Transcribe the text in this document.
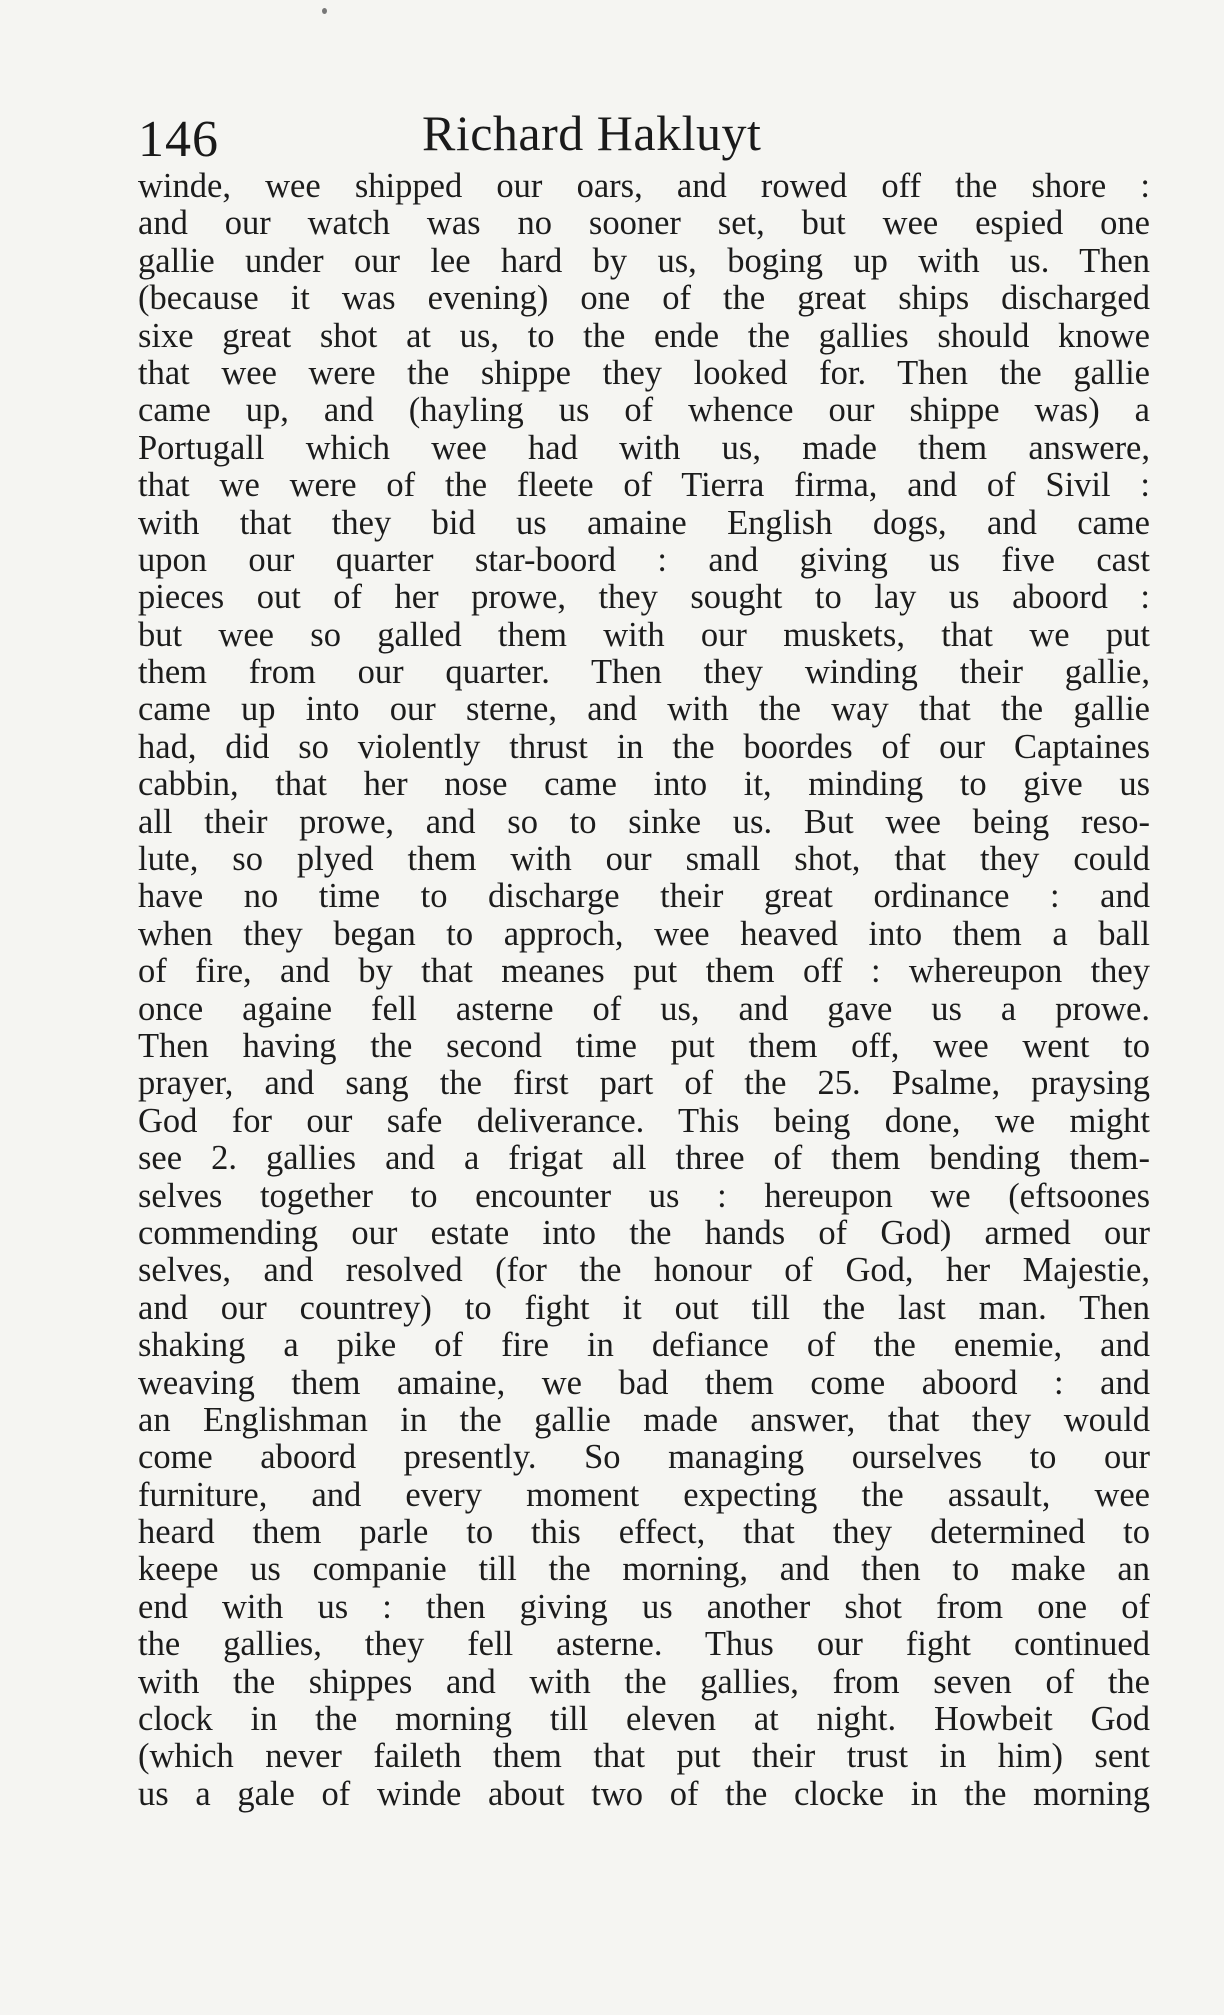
146	Richard Hakluyt
winde, wee shipped our oars, and rowed off the shore :
and our watch was no sooner set, but wee espied one
gallie under our lee hard by us, boging up with us. Then
(because it was evening) one of the great ships discharged
sixe great shot at us, to the ende the gallies should knowe
that wee were the shippe they looked for. Then the gallie
came up, and (hayling us of whence our shippe was) a
Portugall which wee had with us, made them answere,
that we were of the fleete of Tierra firma, and of Sivil :
with that they bid us amaine English dogs, and came
upon our quarter star-boord : and giving us five cast
pieces out of her prowe, they sought to lay us aboord :
but wee so galled them with our muskets, that we put
them from our quarter. Then they winding their gallie,
came up into our sterne, and with the way that the gallie
had, did so violently thrust in the boordes of our Captaines
cabbin, that her nose came into it, minding to give us
all their prowe, and so to sinke us. But wee being reso-
lute, so plyed them with our small shot, that they could
have no time to discharge their great ordinance : and
when they began to approch, wee heaved into them a ball
of fire, and by that meanes put them off : whereupon they
once againe fell asterne of us, and gave us a prowe.
Then having the second time put them off, wee went to
prayer, and sang the first part of the 25. Psalme, praysing
God for our safe deliverance. This being done, we might
see 2. gallies and a frigat all three of them bending them-
selves together to encounter us : hereupon we (eftsoones
commending our estate into the hands of God) armed our
selves, and resolved (for the honour of God, her Majestie,
and our countrey) to fight it out till the last man. Then
shaking a pike of fire in defiance of the enemie, and
weaving them amaine, we bad them come aboord : and
an Englishman in the gallie made answer, that they would
come aboord presently. So managing ourselves to our
furniture, and every moment expecting the assault, wee
heard them parle to this effect, that they determined to
keepe us companie till the morning, and then to make an
end with us : then giving us another shot from one of
the gallies, they fell asterne. Thus our fight continued
with the shippes and with the gallies, from seven of the
clock in the morning till eleven at night. Howbeit God
(which never faileth them that put their trust in him) sent
us a gale of winde about two of the clocke in the morning
